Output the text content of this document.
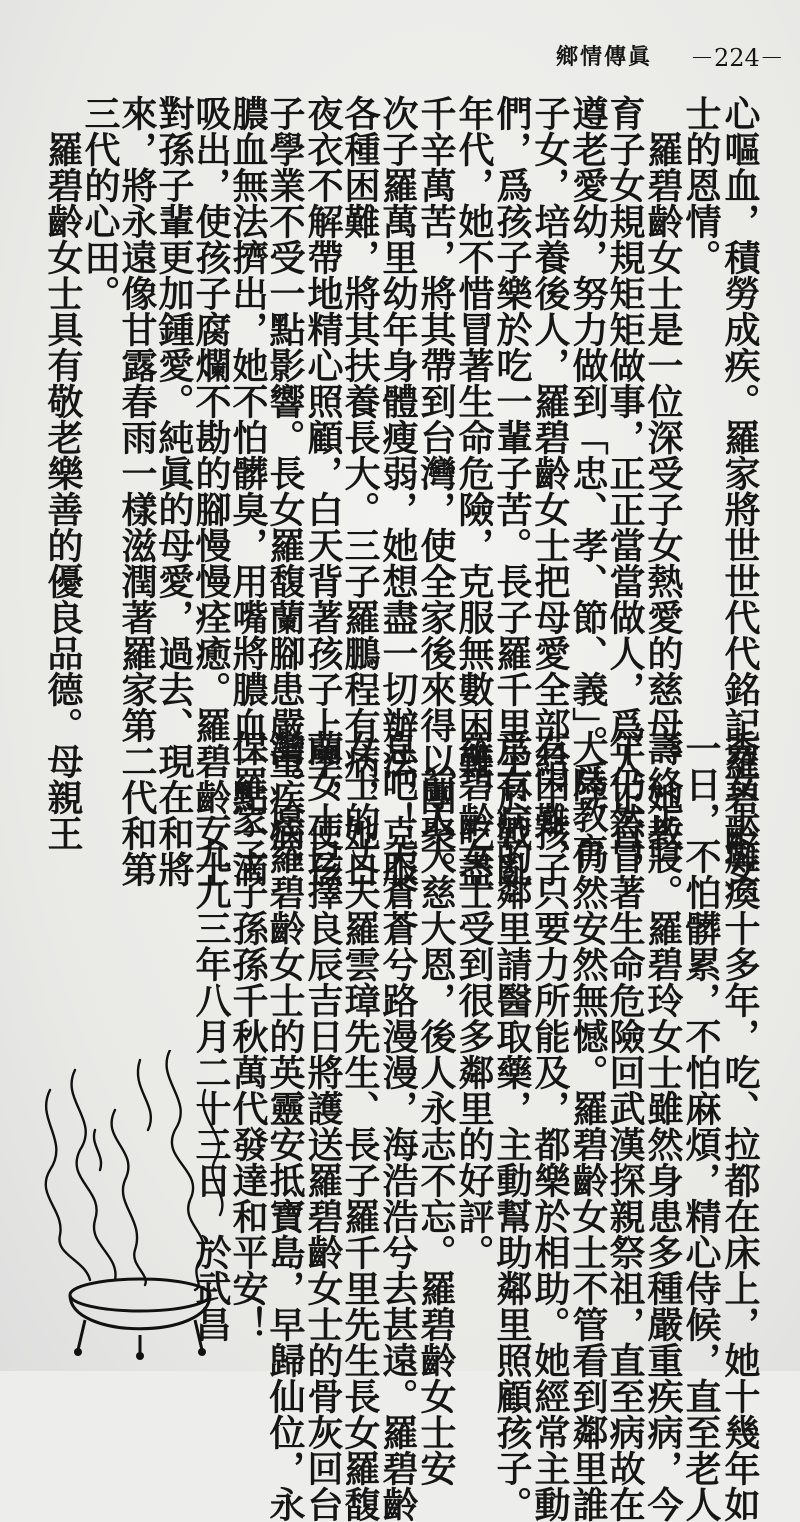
鄉情傳眞 －224－
心嘔血，積勞成疾。羅家將世世代代銘記羅碧齡女
士的恩情。
　羅碧齡女士是一位深受子女熱愛的慈母。她教
育子女規規矩矩做事，正正當當做人，爲人正直，
遵老愛幼，努力做到「忠、孝、節、義」。爲教育
子女，培養後人，羅碧齡女士把母愛全部給了孩子
們，爲孩子樂於吃一輩子苦。長子羅千里生於戰亂
年代，她不惜冒著生命危險，克服無數困難，吃盡
千辛萬苦，將其帶到台灣，使全家後來得以團聚。
次子羅萬里幼年身體瘦弱，她想盡一切辦法，克服
各種困難，將其扶養長大。三子羅鵬程有病，她日
夜衣不解帶地精心照顧，白天背著孩子上學，使孩
子學業不受一點影響。長女羅馥蘭腳患嚴重疾病，
膿血無法擠出，她不怕髒臭，用嘴將膿血一點一滴
吸出，使孩子腐爛不勘的腳慢慢痊癒。羅碧齡女士
對孫子輩更加鍾愛。純眞的母愛，過去、現在和將
來，將永遠像甘露春雨一樣滋潤著羅家第二代和第
三代的心田。
　羅碧齡女士具有敬老樂善的優良品德。母親王
秀女士癱瘓十多年，吃、拉都在床上，她十幾年如
一日，不怕髒累，不怕麻煩，精心侍候，直至老人
壽終正寢。羅碧玲女士雖然身患多種嚴重疾病，今
年仍然冒著生命危險回武漢探親祭祖，直至病故在
大陸，仍然安然無憾。羅碧齡女士不管看到鄰里誰
有困難，只要力所能及，都樂於相助。她經常主動
爲有病的鄰里請醫取藥，主動幫助鄰里照顧孩子。
羅碧齡女士受到很多鄰里的好評。
　前人大慈大恩，後人永志不忘。羅碧齡女士安
息吧！天蒼蒼兮路漫漫，海浩浩兮去甚遠。羅碧齡
女士的丈夫羅雲璋先生、長子羅千里先生長女羅馥
蘭女士已擇良辰吉日將護送羅碧齡女士的骨灰回台
灣。愿羅碧齡女士的英靈安抵寶島，早歸仙位，永
保羅家子子孫孫千秋萬代發達和平安！
　　一九九三年八月二十三日　於武昌
